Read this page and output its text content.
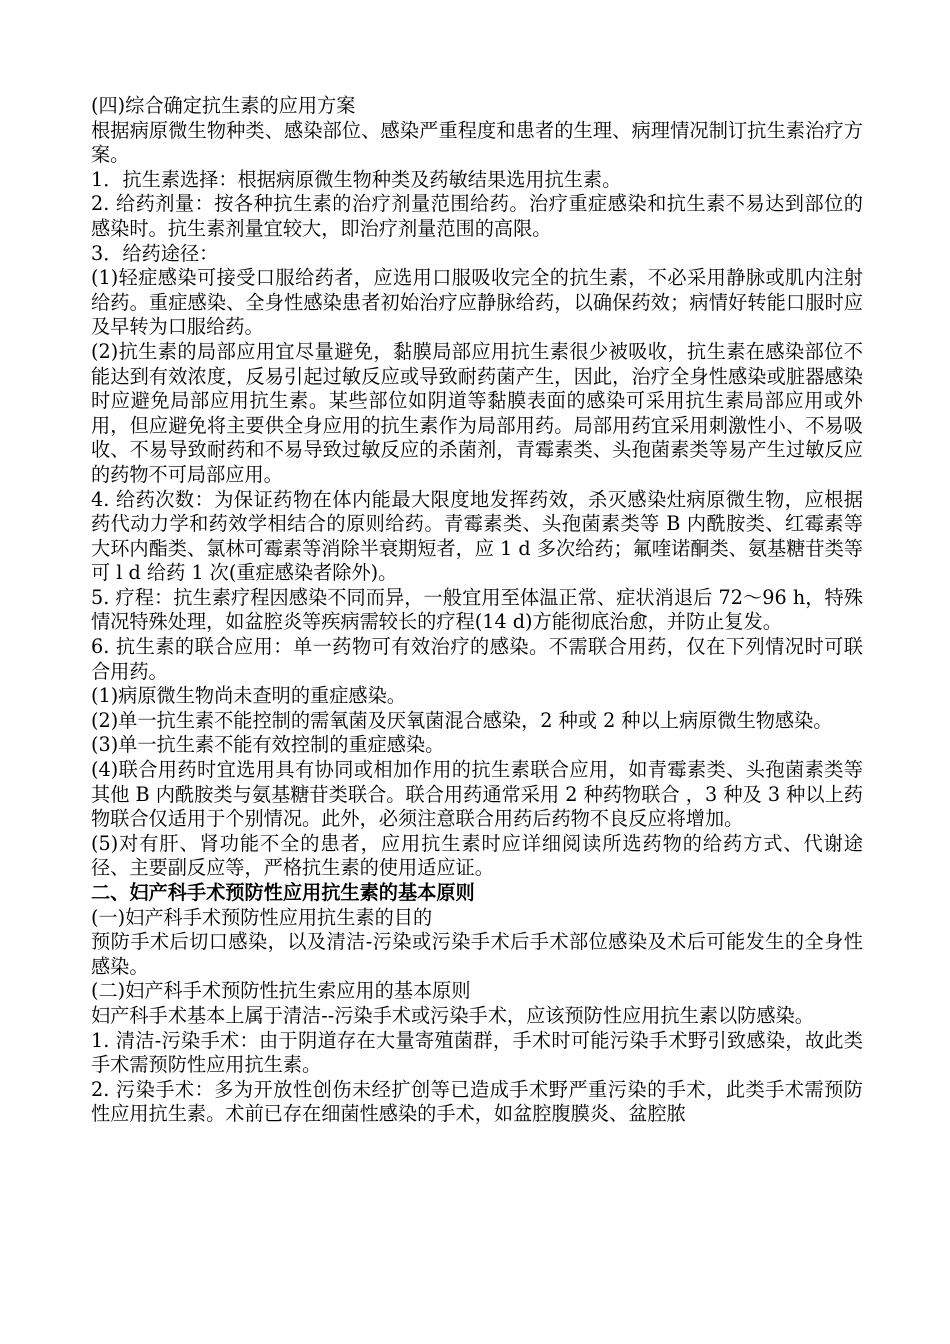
(四)综合确定抗生素的应用方案

根据病原微生物种类、感染部位、感染严重程度和患者的生理、病理情况制订抗生素治疗方案。

1．抗生素选择：根据病原微生物种类及药敏结果选用抗生素。

2. 给药剂量：按各种抗生素的治疗剂量范围给药。治疗重症感染和抗生素不易达到部位的感染时。抗生素剂量宜较大，即治疗剂量范围的高限。

3．给药途径：

(1)轻症感染可接受口服给药者，应选用口服吸收完全的抗生素，不必采用静脉或肌内注射给药。重症感染、全身性感染患者初始治疗应静脉给药，以确保药效；病情好转能口服时应及早转为口服给药。

(2)抗生素的局部应用宜尽量避免，黏膜局部应用抗生素很少被吸收，抗生素在感染部位不能达到有效浓度，反易引起过敏反应或导致耐药菌产生，因此，治疗全身性感染或脏器感染时应避免局部应用抗生素。某些部位如阴道等黏膜表面的感染可采用抗生素局部应用或外用，但应避免将主要供全身应用的抗生素作为局部用药。局部用药宜采用刺激性小、不易吸收、不易导致耐药和不易导致过敏反应的杀菌剂，青霉素类、头孢菌素类等易产生过敏反应的药物不可局部应用。

4. 给药次数：为保证药物在体内能最大限度地发挥药效，杀灭感染灶病原微生物，应根据药代动力学和药效学相结合的原则给药。青霉素类、头孢菌素类等 B 内酰胺类、红霉素等大环内酯类、氯林可霉素等消除半衰期短者，应 1 d 多次给药；氟喹诺酮类、氨基糖苷类等可 l d 给药 1 次(重症感染者除外)。

5. 疗程：抗生素疗程因感染不同而异，一般宜用至体温正常、症状消退后 72～96 h，特殊情况特殊处理，如盆腔炎等疾病需较长的疗程(14 d)方能彻底治愈，并防止复发。

6. 抗生素的联合应用：单一药物可有效治疗的感染。不需联合用药，仅在下列情况时可联合用药。

(1)病原微生物尚未查明的重症感染。

(2)单一抗生素不能控制的需氧菌及厌氧菌混合感染，2 种或 2 种以上病原微生物感染。

(3)单一抗生素不能有效控制的重症感染。

(4)联合用药时宜选用具有协同或相加作用的抗生素联合应用，如青霉素类、头孢菌素类等其他 B 内酰胺类与氨基糖苷类联合。联合用药通常采用 2 种药物联合 ，3 种及 3 种以上药物联合仅适用于个别情况。此外，必须注意联合用药后药物不良反应将增加。

(5)对有肝、肾功能不全的患者，应用抗生素时应详细阅读所选药物的给药方式、代谢途径、主要副反应等，严格抗生素的使用适应证。

二、妇产科手术预防性应用抗生素的基本原则

(一)妇产科手术预防性应用抗生素的目的

预防手术后切口感染，以及清洁-污染或污染手术后手术部位感染及术后可能发生的全身性感染。

(二)妇产科手术预防性抗生索应用的基本原则

妇产科手术基本上属于清洁--污染手术或污染手术，应该预防性应用抗生素以防感染。

1. 清洁-污染手术：由于阴道存在大量寄殖菌群，手术时可能污染手术野引致感染，故此类手术需预防性应用抗生素。

2. 污染手术：多为开放性创伤未经扩创等已造成手术野严重污染的手术，此类手术需预防性应用抗生素。术前已存在细菌性感染的手术，如盆腔腹膜炎、盆腔脓
